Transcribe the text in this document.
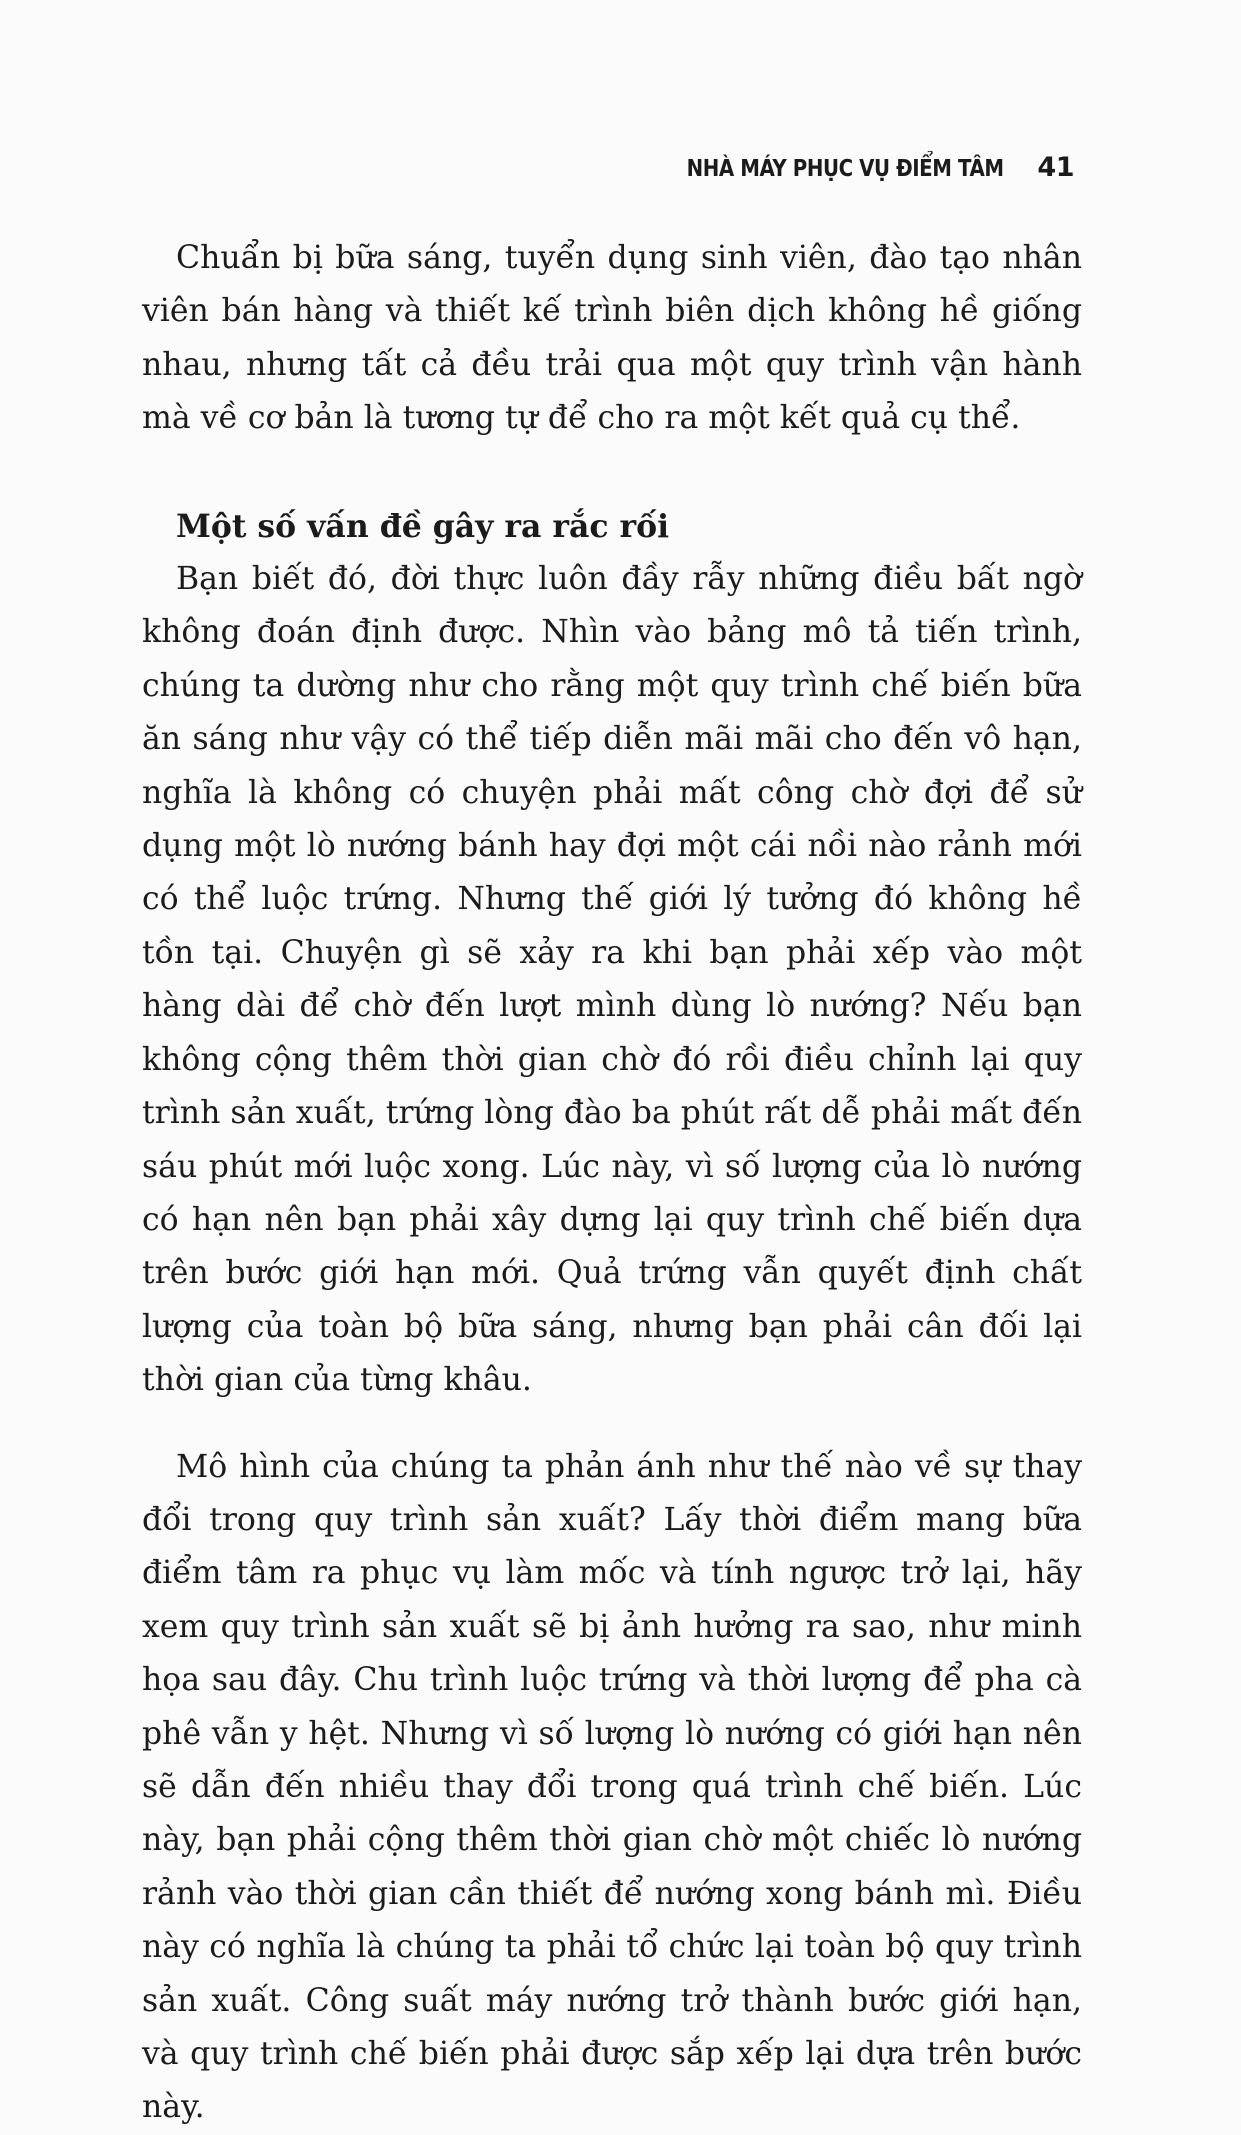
NHÀ MÁY PHỤC VỤ ĐIỂM TÂM 41

Chuẩn bị bữa sáng, tuyển dụng sinh viên, đào tạo nhân viên bán hàng và thiết kế trình biên dịch không hề giống nhau, nhưng tất cả đều trải qua một quy trình vận hành mà về cơ bản là tương tự để cho ra một kết quả cụ thể.

Một số vấn đề gây ra rắc rối

Bạn biết đó, đời thực luôn đầy rẫy những điều bất ngờ không đoán định được. Nhìn vào bảng mô tả tiến trình, chúng ta dường như cho rằng một quy trình chế biến bữa ăn sáng như vậy có thể tiếp diễn mãi mãi cho đến vô hạn, nghĩa là không có chuyện phải mất công chờ đợi để sử dụng một lò nướng bánh hay đợi một cái nồi nào rảnh mới có thể luộc trứng. Nhưng thế giới lý tưởng đó không hề tồn tại. Chuyện gì sẽ xảy ra khi bạn phải xếp vào một hàng dài để chờ đến lượt mình dùng lò nướng? Nếu bạn không cộng thêm thời gian chờ đó rồi điều chỉnh lại quy trình sản xuất, trứng lòng đào ba phút rất dễ phải mất đến sáu phút mới luộc xong. Lúc này, vì số lượng của lò nướng có hạn nên bạn phải xây dựng lại quy trình chế biến dựa trên bước giới hạn mới. Quả trứng vẫn quyết định chất lượng của toàn bộ bữa sáng, nhưng bạn phải cân đối lại thời gian của từng khâu.

Mô hình của chúng ta phản ánh như thế nào về sự thay đổi trong quy trình sản xuất? Lấy thời điểm mang bữa điểm tâm ra phục vụ làm mốc và tính ngược trở lại, hãy xem quy trình sản xuất sẽ bị ảnh hưởng ra sao, như minh họa sau đây. Chu trình luộc trứng và thời lượng để pha cà phê vẫn y hệt. Nhưng vì số lượng lò nướng có giới hạn nên sẽ dẫn đến nhiều thay đổi trong quá trình chế biến. Lúc này, bạn phải cộng thêm thời gian chờ một chiếc lò nướng rảnh vào thời gian cần thiết để nướng xong bánh mì. Điều này có nghĩa là chúng ta phải tổ chức lại toàn bộ quy trình sản xuất. Công suất máy nướng trở thành bước giới hạn, và quy trình chế biến phải được sắp xếp lại dựa trên bước này.
